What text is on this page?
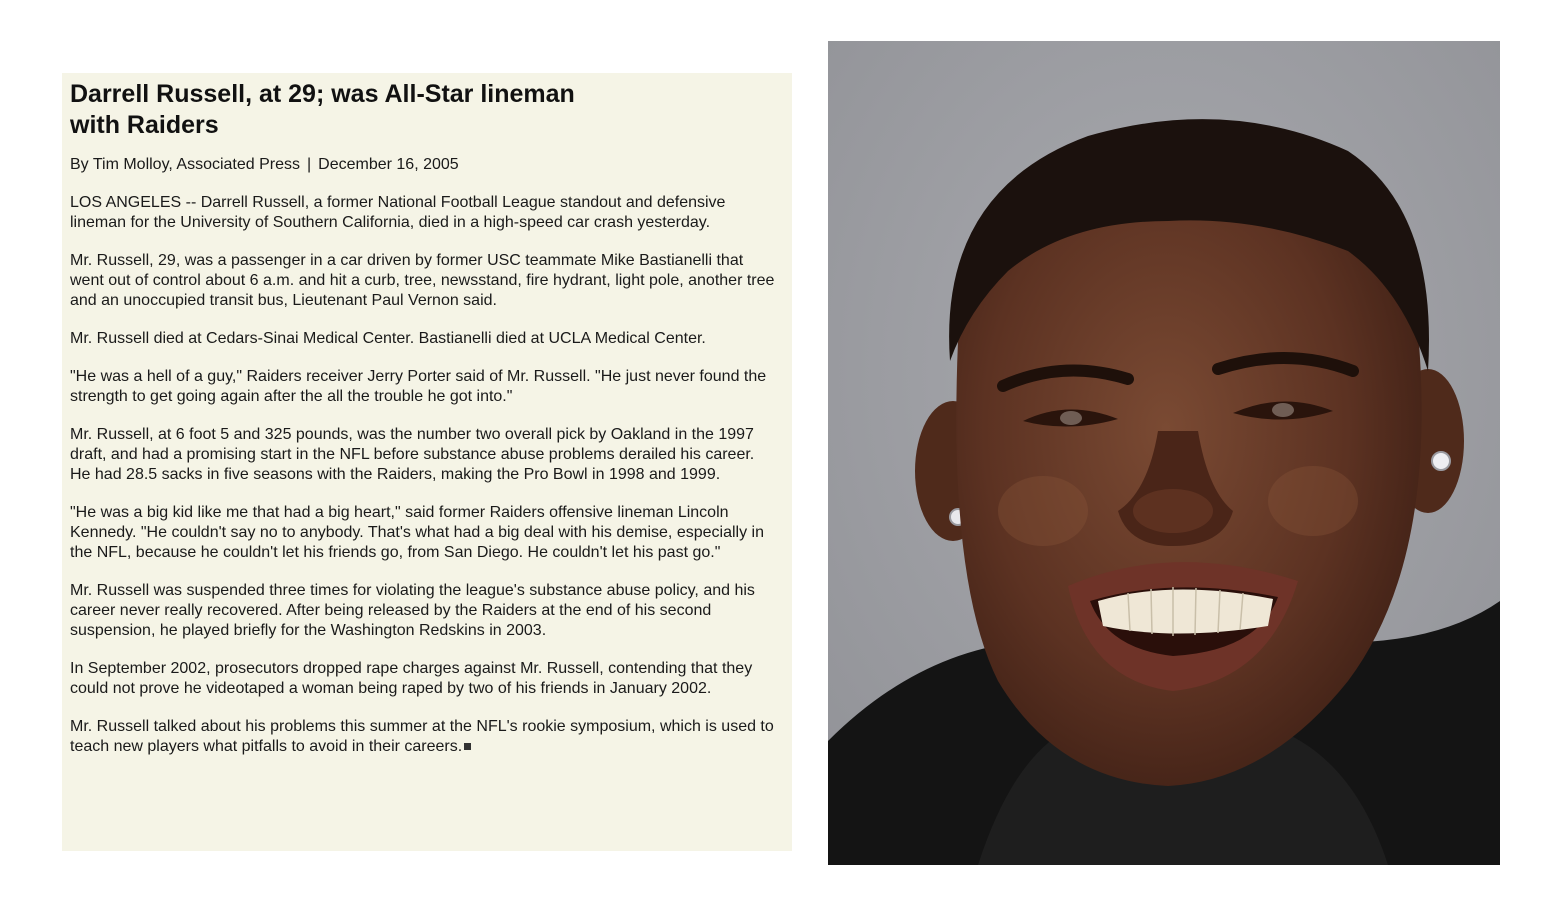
Darrell Russell, at 29; was All-Star lineman with Raiders
By Tim Molloy, Associated Press | December 16, 2005

LOS ANGELES -- Darrell Russell, a former National Football League standout and defensive lineman for the University of Southern California, died in a high-speed car crash yesterday.

Mr. Russell, 29, was a passenger in a car driven by former USC teammate Mike Bastianelli that went out of control about 6 a.m. and hit a curb, tree, newsstand, fire hydrant, light pole, another tree and an unoccupied transit bus, Lieutenant Paul Vernon said.

Mr. Russell died at Cedars-Sinai Medical Center. Bastianelli died at UCLA Medical Center.

"He was a hell of a guy," Raiders receiver Jerry Porter said of Mr. Russell. "He just never found the strength to get going again after the all the trouble he got into."

Mr. Russell, at 6 foot 5 and 325 pounds, was the number two overall pick by Oakland in the 1997 draft, and had a promising start in the NFL before substance abuse problems derailed his career. He had 28.5 sacks in five seasons with the Raiders, making the Pro Bowl in 1998 and 1999.

"He was a big kid like me that had a big heart," said former Raiders offensive lineman Lincoln Kennedy. "He couldn't say no to anybody. That's what had a big deal with his demise, especially in the NFL, because he couldn't let his friends go, from San Diego. He couldn't let his past go."

Mr. Russell was suspended three times for violating the league's substance abuse policy, and his career never really recovered. After being released by the Raiders at the end of his second suspension, he played briefly for the Washington Redskins in 2003.

In September 2002, prosecutors dropped rape charges against Mr. Russell, contending that they could not prove he videotaped a woman being raped by two of his friends in January 2002.

Mr. Russell talked about his problems this summer at the NFL's rookie symposium, which is used to teach new players what pitfalls to avoid in their careers.
